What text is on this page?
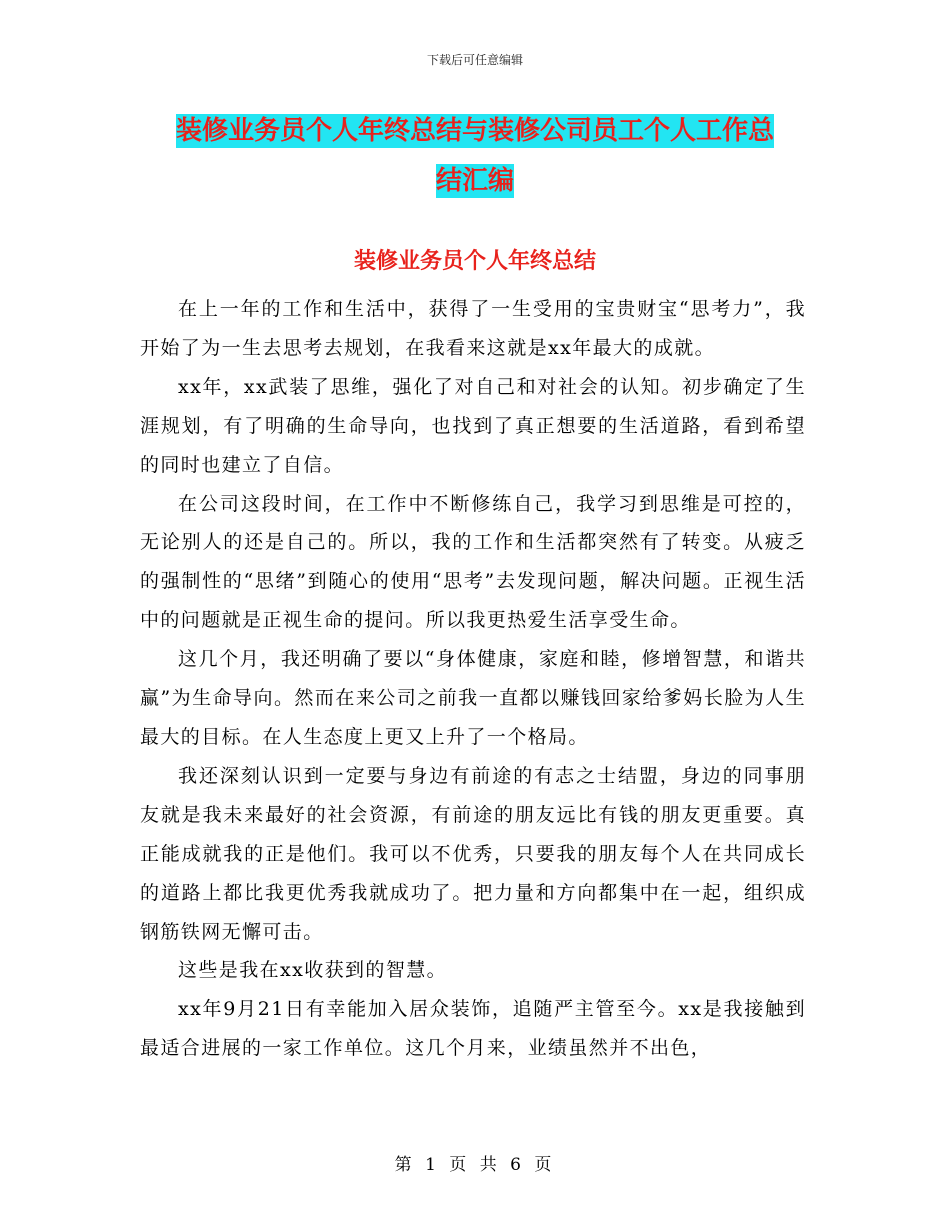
下载后可任意编辑
装修业务员个人年终总结与装修公司员工个人工作总
结汇编
装修业务员个人年终总结

在上一年的工作和生活中，获得了一生受用的宝贵财宝“思考力”，我开始了为一生去思考去规划，在我看来这就是xx年最大的成就。

xx年，xx武装了思维，强化了对自己和对社会的认知。初步确定了生涯规划，有了明确的生命导向，也找到了真正想要的生活道路，看到希望的同时也建立了自信。

在公司这段时间，在工作中不断修练自己，我学习到思维是可控的，无论别人的还是自己的。所以，我的工作和生活都突然有了转变。从疲乏的强制性的“思绪”到随心的使用“思考”去发现问题，解决问题。正视生活中的问题就是正视生命的提问。所以我更热爱生活享受生命。

这几个月，我还明确了要以“身体健康，家庭和睦，修增智慧，和谐共赢”为生命导向。然而在来公司之前我一直都以赚钱回家给爹妈长脸为人生最大的目标。在人生态度上更又上升了一个格局。

我还深刻认识到一定要与身边有前途的有志之士结盟，身边的同事朋友就是我未来最好的社会资源，有前途的朋友远比有钱的朋友更重要。真正能成就我的正是他们。我可以不优秀，只要我的朋友每个人在共同成长的道路上都比我更优秀我就成功了。把力量和方向都集中在一起，组织成钢筋铁网无懈可击。

这些是我在xx收获到的智慧。

xx年9月21日有幸能加入居众装饰，追随严主管至今。xx是我接触到最适合进展的一家工作单位。这几个月来，业绩虽然并不出色，

第 1 页 共 6 页
